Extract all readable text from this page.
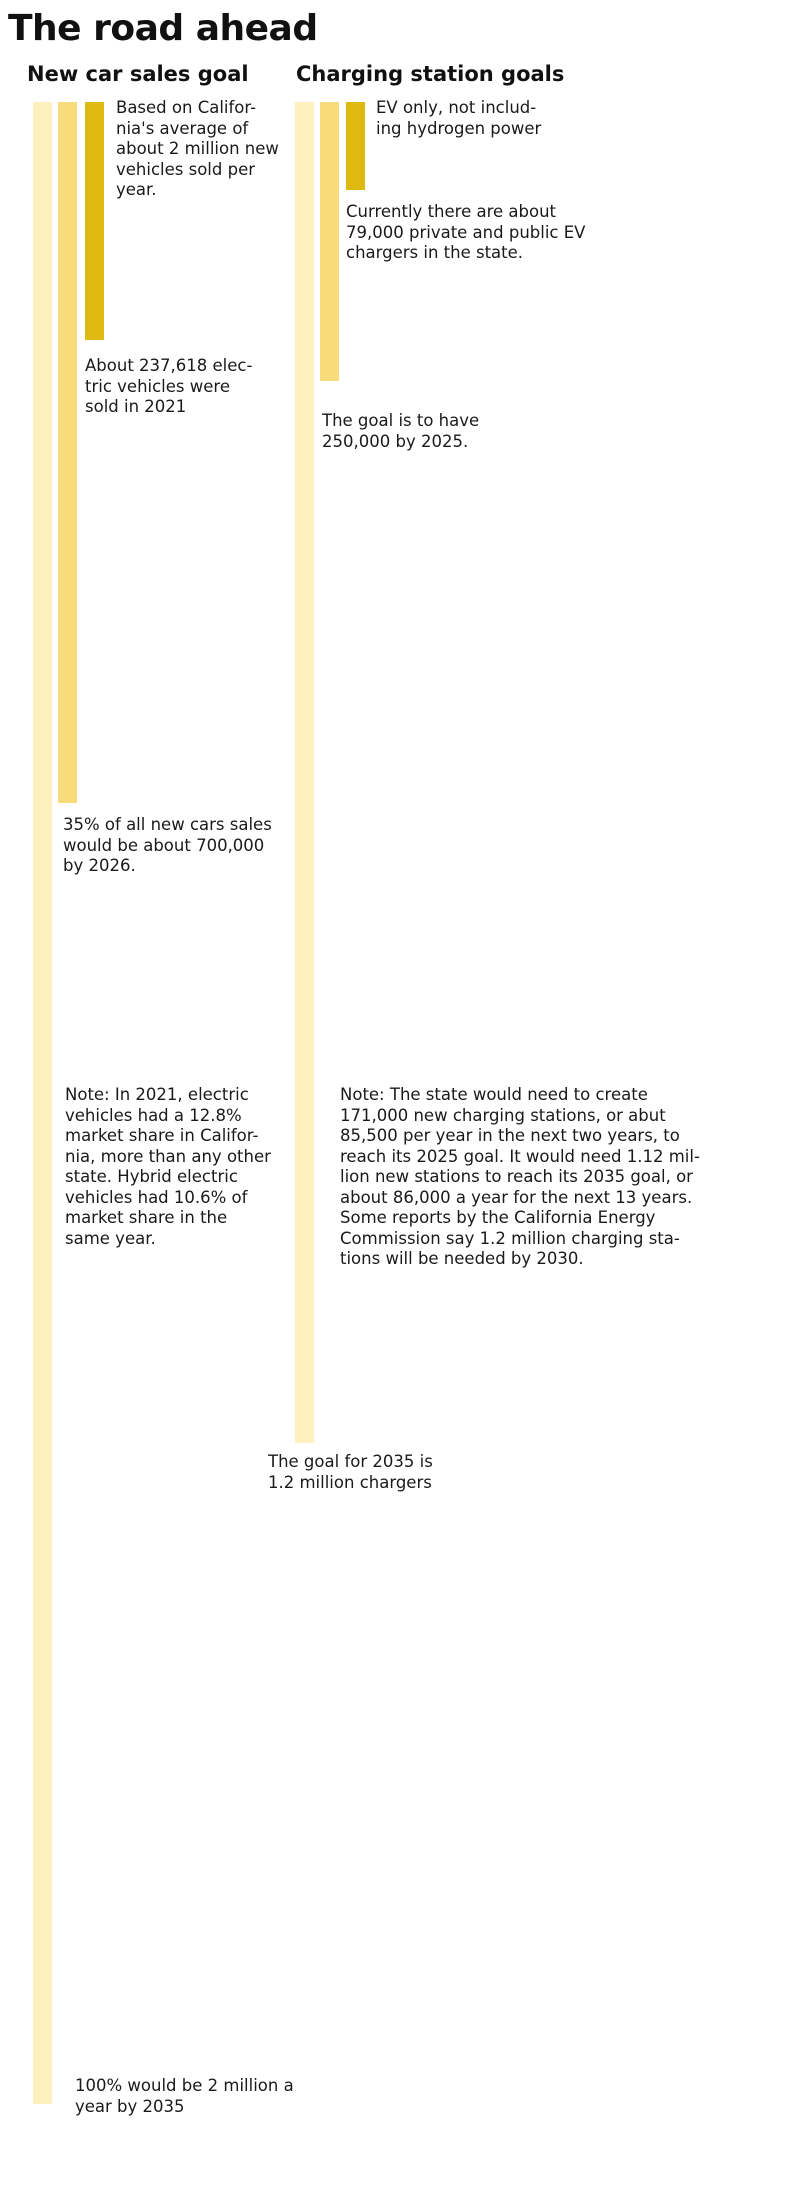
The road ahead
New car sales goal
Based on Califor-
nia's average of
about 2 million new
vehicles sold per
year.
About 237,618 elec-
tric vehicles were
sold in 2021
35% of all new cars sales
would be about 700,000
by 2026.
Note: In 2021, electric
vehicles had a 12.8%
market share in Califor-
nia, more than any other
state. Hybrid electric
vehicles had 10.6% of
market share in the
same year.
100% would be 2 million a
year by 2035
Charging station goals
EV only, not includ-
ing hydrogen power
Currently there are about
79,000 private and public EV
chargers in the state.
The goal is to have
250,000 by 2025.
Note: The state would need to create
171,000 new charging stations, or abut
85,500 per year in the next two years, to
reach its 2025 goal. It would need 1.12 mil-
lion new stations to reach its 2035 goal, or
about 86,000 a year for the next 13 years.
Some reports by the California Energy
Commission say 1.2 million charging sta-
tions will be needed by 2030.
The goal for 2035 is
1.2 million chargers
